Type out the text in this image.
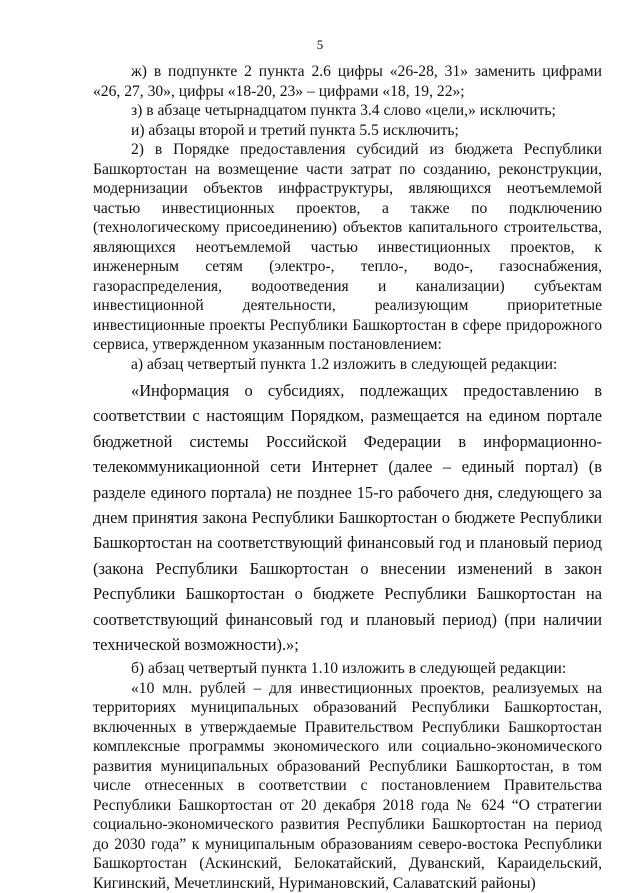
5

ж) в подпункте 2 пункта 2.6 цифры «26-28, 31» заменить цифрами «26, 27, 30», цифры «18-20, 23» – цифрами «18, 19, 22»;

з) в абзаце четырнадцатом пункта 3.4 слово «цели,» исключить;

и) абзацы второй и третий пункта 5.5 исключить;

2) в Порядке предоставления субсидий из бюджета Республики Башкортостан на возмещение части затрат по созданию, реконструкции, модернизации объектов инфраструктуры, являющихся неотъемлемой частью инвестиционных проектов, а также по подключению (технологическому присоединению) объектов капитального строительства, являющихся неотъемлемой частью инвестиционных проектов, к инженерным сетям (электро-, тепло-, водо-, газоснабжения, газораспределения, водоотведения и канализации) субъектам инвестиционной деятельности, реализующим приоритетные инвестиционные проекты Республики Башкортостан в сфере придорожного сервиса, утвержденном указанным постановлением:

а) абзац четвертый пункта 1.2 изложить в следующей редакции:

«Информация о субсидиях, подлежащих предоставлению в соответствии с настоящим Порядком, размещается на едином портале бюджетной системы Российской Федерации в информационно-телекоммуникационной сети Интернет (далее – единый портал) (в разделе единого портала) не позднее 15-го рабочего дня, следующего за днем принятия закона Республики Башкортостан о бюджете Республики Башкортостан на соответствующий финансовый год и плановый период (закона Республики Башкортостан о внесении изменений в закон Республики Башкортостан о бюджете Республики Башкортостан на соответствующий финансовый год и плановый период) (при наличии технической возможности).»;

б) абзац четвертый пункта 1.10 изложить в следующей редакции:

«10 млн. рублей – для инвестиционных проектов, реализуемых на территориях муниципальных образований Республики Башкортостан, включенных в утверждаемые Правительством Республики Башкортостан комплексные программы экономического или социально-экономического развития муниципальных образований Республики Башкортостан, в том числе отнесенных в соответствии с постановлением Правительства Республики Башкортостан от 20 декабря 2018 года № 624 “О стратегии социально-экономического развития Республики Башкортостан на период до 2030 года” к муниципальным образованиям северо-востока Республики Башкортостан (Аскинский, Белокатайский, Дуванский, Караидельский, Кигинский, Мечетлинский, Нуримановский, Салаватский районы)
